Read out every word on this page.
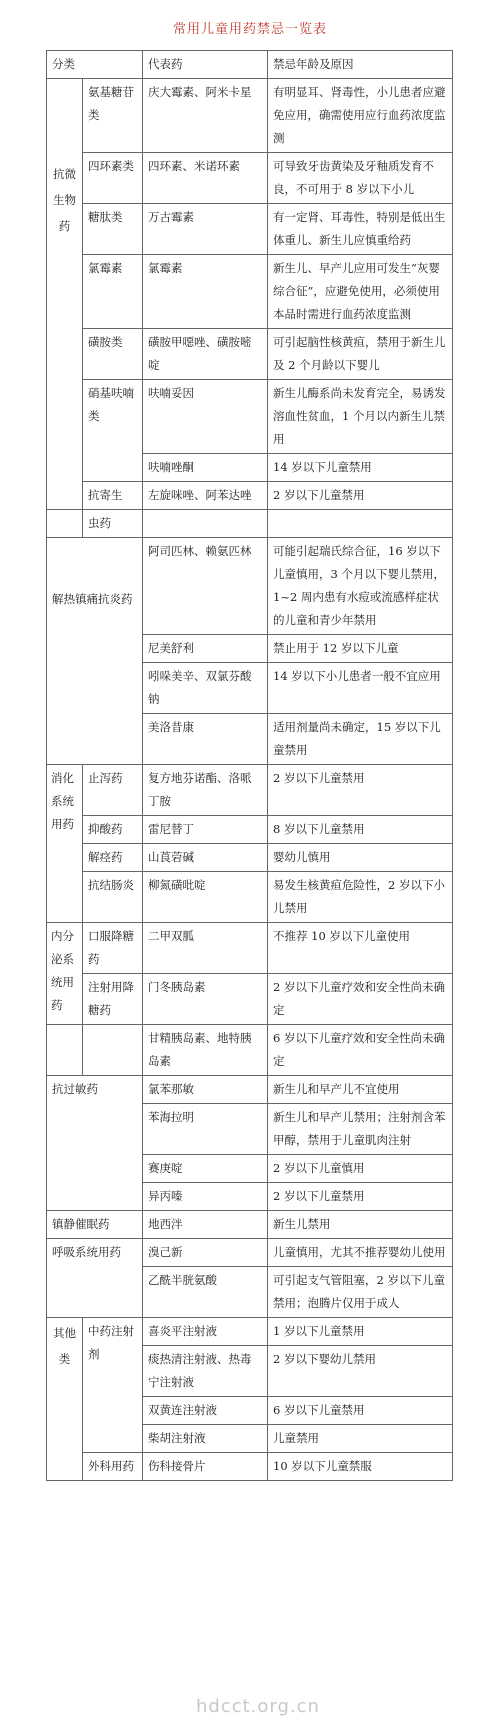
常用儿童用药禁忌一览表
分类		代表药	禁忌年龄及原因

抗微生物药	氨基糖苷类	庆大霉素、阿米卡星	有明显耳、肾毒性，小儿患者应避免应用，确需使用应行血药浓度监测
	四环素类	四环素、米诺环素	可导致牙齿黄染及牙釉质发育不良，不可用于 8 岁以下小儿
	糖肽类	万古霉素	有一定肾、耳毒性，特别是低出生体重儿、新生儿应慎重给药
	氯霉素	氯霉素	新生儿、早产儿应用可发生“灰婴综合征”，应避免使用，必须使用本品时需进行血药浓度监测
	磺胺类	磺胺甲噁唑、磺胺嘧啶	可引起脑性核黄疸，禁用于新生儿及 2 个月龄以下婴儿
	硝基呋喃类	呋喃妥因	新生儿酶系尚未发育完全，易诱发溶血性贫血，1 个月以内新生儿禁用
		呋喃唑酮	14 岁以下儿童禁用
	抗寄生	左旋咪唑、阿苯达唑	2 岁以下儿童禁用
	虫药		

解热镇痛抗炎药		阿司匹林、赖氨匹林	可能引起瑞氏综合征，16 岁以下儿童慎用，3 个月以下婴儿禁用，1~2 周内患有水痘或流感样症状的儿童和青少年禁用
		尼美舒利	禁止用于 12 岁以下儿童
		吲哚美辛、双氯芬酸钠	14 岁以下小儿患者一般不宜应用
		美洛昔康	适用剂量尚未确定，15 岁以下儿童禁用
消化系统用药	止泻药	复方地芬诺酯、洛哌丁胺	2 岁以下儿童禁用
	抑酸药	雷尼替丁	8 岁以下儿童禁用
	解痉药	山莨菪碱	婴幼儿慎用
	抗结肠炎	柳氮磺吡啶	易发生核黄疸危险性，2 岁以下小儿禁用
内分泌系统用药	口服降糖药	二甲双胍	不推荐 10 岁以下儿童使用
	注射用降糖药	门冬胰岛素	2 岁以下儿童疗效和安全性尚未确定
		甘精胰岛素、地特胰岛素	6 岁以下儿童疗效和安全性尚未确定
抗过敏药		氯苯那敏	新生儿和早产儿不宜使用
		苯海拉明	新生儿和早产儿禁用；注射剂含苯甲醇，禁用于儿童肌肉注射
		赛庚啶	2 岁以下儿童慎用
		异丙嗪	2 岁以下儿童禁用
镇静催眠药		地西泮	新生儿禁用
呼吸系统用药		溴己新	儿童慎用，尤其不推荐婴幼儿使用
		乙酰半胱氨酸	可引起支气管阻塞，2 岁以下儿童禁用；泡腾片仅用于成人

其他类	中药注射剂	喜炎平注射液	1 岁以下儿童禁用
		痰热清注射液、热毒宁注射液	2 岁以下婴幼儿禁用
		双黄连注射液	6 岁以下儿童禁用
		柴胡注射液	儿童禁用
	外科用药	伤科接骨片	10 岁以下儿童禁服
hdcct.org.cn
